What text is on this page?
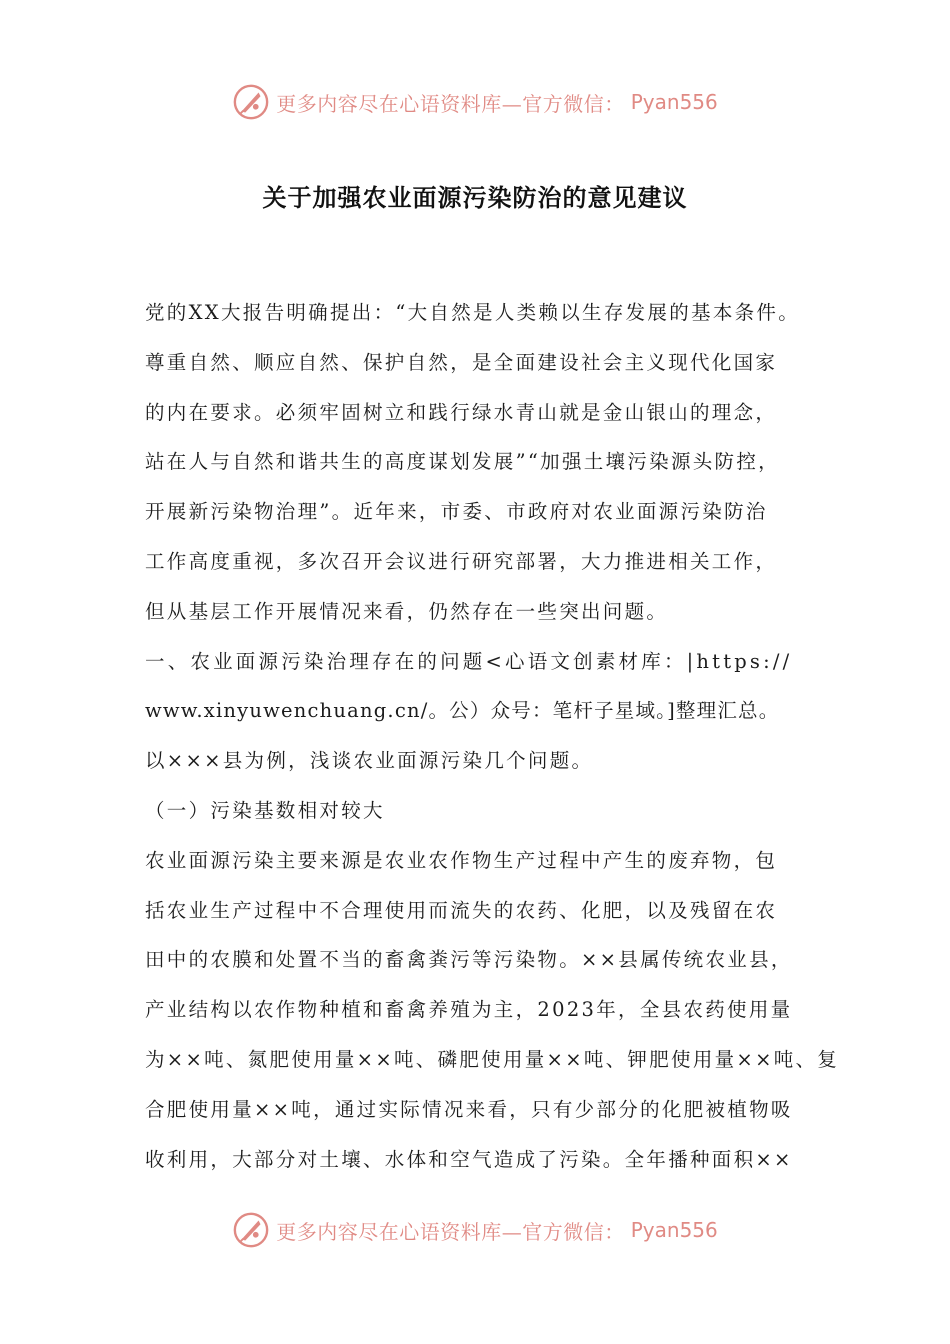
更多内容尽在心语资料库—官方微信： Pyan556
关于加强农业面源污染防治的意见建议
党的XX大报告明确提出：“大自然是人类赖以生存发展的基本条件。
尊重自然、顺应自然、保护自然，是全面建设社会主义现代化国家
的内在要求。必须牢固树立和践行绿水青山就是金山银山的理念，
站在人与自然和谐共生的高度谋划发展”“加强土壤污染源头防控，
开展新污染物治理”。近年来，市委、市政府对农业面源污染防治
工作高度重视，多次召开会议进行研究部署，大力推进相关工作，
但从基层工作开展情况来看，仍然存在一些突出问题。
一、农业面源污染治理存在的问题<心语文创素材库：|https://
www.xinyuwenchuang.cn/。公）众号：笔杆子星域。]整理汇总。
以×××县为例，浅谈农业面源污染几个问题。
（一）污染基数相对较大
农业面源污染主要来源是农业农作物生产过程中产生的废弃物，包
括农业生产过程中不合理使用而流失的农药、化肥，以及残留在农
田中的农膜和处置不当的畜禽粪污等污染物。××县属传统农业县，
产业结构以农作物种植和畜禽养殖为主，2023年，全县农药使用量
为××吨、氮肥使用量××吨、磷肥使用量××吨、钾肥使用量××吨、复
合肥使用量××吨，通过实际情况来看，只有少部分的化肥被植物吸
收利用，大部分对土壤、水体和空气造成了污染。全年播种面积××
更多内容尽在心语资料库—官方微信： Pyan556
